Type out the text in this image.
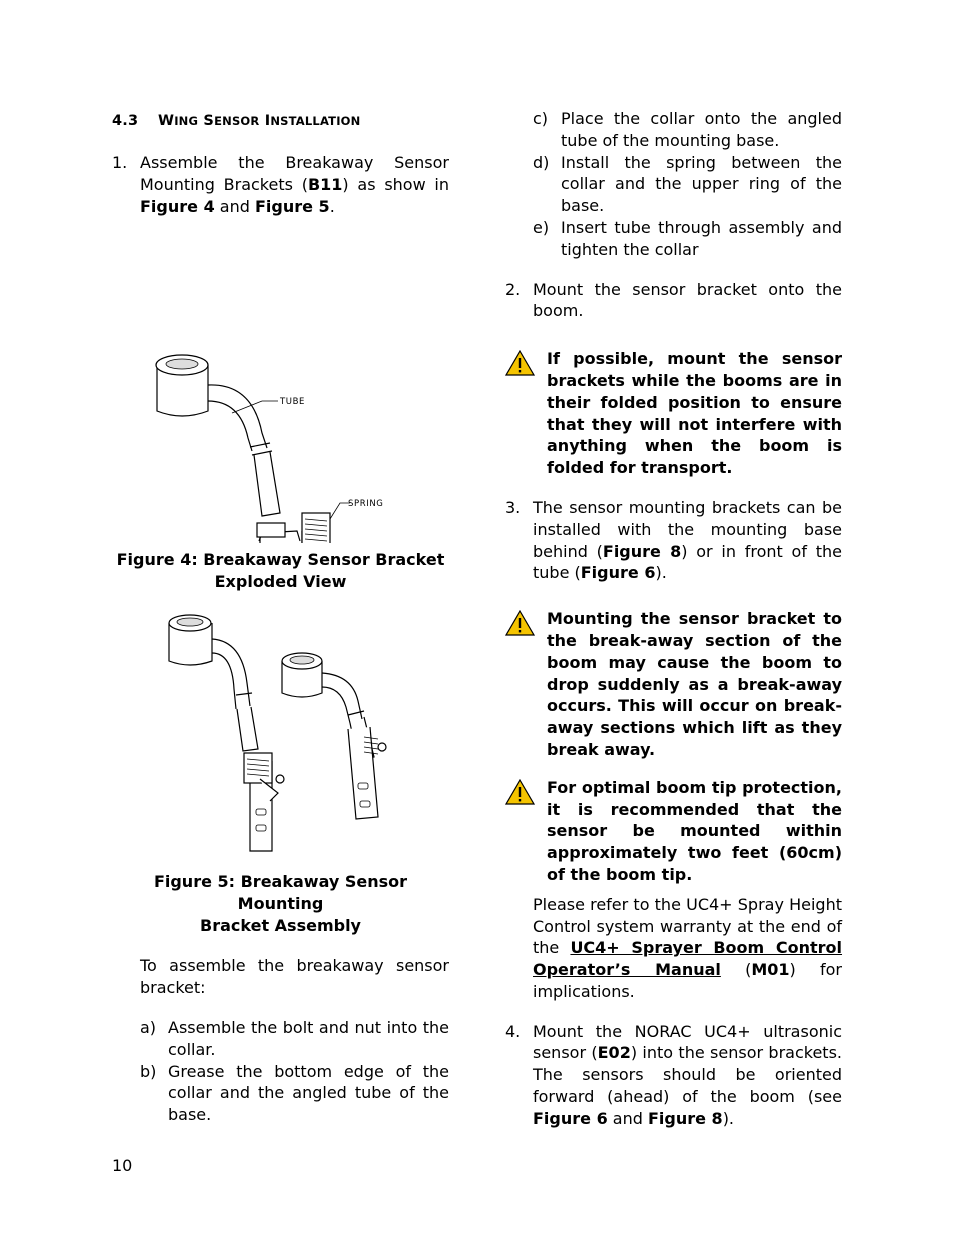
4.3 WING SENSOR INSTALLATION
1. Assemble the Breakaway Sensor Mounting Brackets (B11) as show in Figure 4 and Figure 5.
TUBE
SPRING
Figure 4: Breakaway Sensor Bracket
Exploded View
Figure 5: Breakaway Sensor Mounting
Bracket Assembly

To assemble the breakaway sensor bracket:

a) Assemble the bolt and nut into the collar.
b) Grease the bottom edge of the collar and the angled tube of the base.
c) Place the collar onto the angled tube of the mounting base.
d) Install the spring between the collar and the upper ring of the base.
e) Insert tube through assembly and tighten the collar
2. Mount the sensor bracket onto the boom.
If possible, mount the sensor brackets while the booms are in their folded position to ensure that they will not interfere with anything when the boom is folded for transport.
3. The sensor mounting brackets can be installed with the mounting base behind (Figure 8) or in front of the tube (Figure 6).
Mounting the sensor bracket to the break-away section of the boom may cause the boom to drop suddenly as a break-away occurs. This will occur on break-away sections which lift as they break away.
For optimal boom tip protection, it is recommended that the sensor be mounted within approximately two feet (60cm) of the boom tip.

Please refer to the UC4+ Spray Height Control system warranty at the end of the UC4+ Sprayer Boom Control Operator’s Manual (M01) for implications.

4. Mount the NORAC UC4+ ultrasonic sensor (E02) into the sensor brackets. The sensors should be oriented forward (ahead) of the boom (see Figure 6 and Figure 8).
10
